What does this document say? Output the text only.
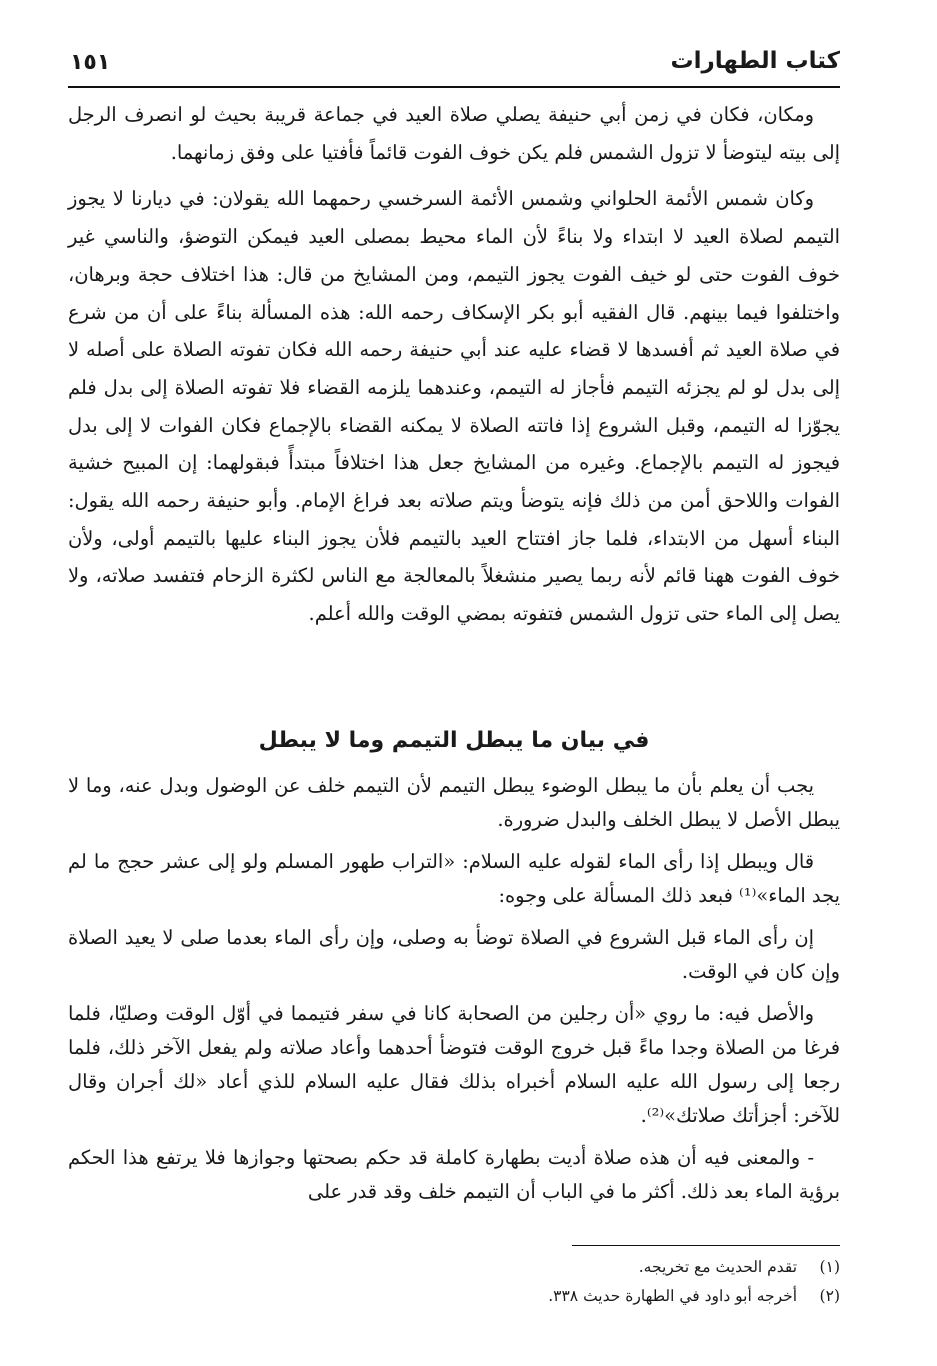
كتاب الطهارات
١٥١

ومكان، فكان في زمن أبي حنيفة يصلي صلاة العيد في جماعة قريبة بحيث لو انصرف الرجل إلى بيته ليتوضأ لا تزول الشمس فلم يكن خوف الفوت قائماً فأفتيا على وفق زمانهما.

وكان شمس الأئمة الحلواني وشمس الأئمة السرخسي رحمهما الله يقولان: في ديارنا لا يجوز التيمم لصلاة العيد لا ابتداء ولا بناءً لأن الماء محيط بمصلى العيد فيمكن التوضؤ، والناسي غير خوف الفوت حتى لو خيف الفوت يجوز التيمم، ومن المشايخ من قال: هذا اختلاف حجة وبرهان، واختلفوا فيما بينهم. قال الفقيه أبو بكر الإسكاف رحمه الله: هذه المسألة بناءً على أن من شرع في صلاة العيد ثم أفسدها لا قضاء عليه عند أبي حنيفة رحمه الله فكان تفوته الصلاة على أصله لا إلى بدل لو لم يجزئه التيمم فأجاز له التيمم، وعندهما يلزمه القضاء فلا تفوته الصلاة إلى بدل فلم يجوّزا له التيمم، وقبل الشروع إذا فاتته الصلاة لا يمكنه القضاء بالإجماع فكان الفوات لا إلى بدل فيجوز له التيمم بالإجماع. وغيره من المشايخ جعل هذا اختلافاً مبتدأً فبقولهما: إن المبيح خشية الفوات واللاحق أمن من ذلك فإنه يتوضأ ويتم صلاته بعد فراغ الإمام. وأبو حنيفة رحمه الله يقول: البناء أسهل من الابتداء، فلما جاز افتتاح العيد بالتيمم فلأن يجوز البناء عليها بالتيمم أولى، ولأن خوف الفوت ههنا قائم لأنه ربما يصير منشغلاً بالمعالجة مع الناس لكثرة الزحام فتفسد صلاته، ولا يصل إلى الماء حتى تزول الشمس فتفوته بمضي الوقت والله أعلم.

في بيان ما يبطل التيمم وما لا يبطل

يجب أن يعلم بأن ما يبطل الوضوء يبطل التيمم لأن التيمم خلف عن الوضول وبدل عنه، وما لا يبطل الأصل لا يبطل الخلف والبدل ضرورة.

قال ويبطل إذا رأى الماء لقوله عليه السلام: «التراب طهور المسلم ولو إلى عشر حجج ما لم يجد الماء»⁽¹⁾ فبعد ذلك المسألة على وجوه:

إن رأى الماء قبل الشروع في الصلاة توضأ به وصلى، وإن رأى الماء بعدما صلى لا يعيد الصلاة وإن كان في الوقت.

والأصل فيه: ما روي «أن رجلين من الصحابة كانا في سفر فتيمما في أوّل الوقت وصليّا، فلما فرغا من الصلاة وجدا ماءً قبل خروج الوقت فتوضأ أحدهما وأعاد صلاته ولم يفعل الآخر ذلك، فلما رجعا إلى رسول الله عليه السلام أخبراه بذلك فقال عليه السلام للذي أعاد «لك أجران وقال للآخر: أجزأتك صلاتك»⁽²⁾.

- والمعنى فيه أن هذه صلاة أديت بطهارة كاملة قد حكم بصحتها وجوازها فلا يرتفع هذا الحكم برؤية الماء بعد ذلك. أكثر ما في الباب أن التيمم خلف وقد قدر على

(١) تقدم الحديث مع تخريجه.

(٢) أخرجه أبو داود في الطهارة حديث ٣٣٨.
